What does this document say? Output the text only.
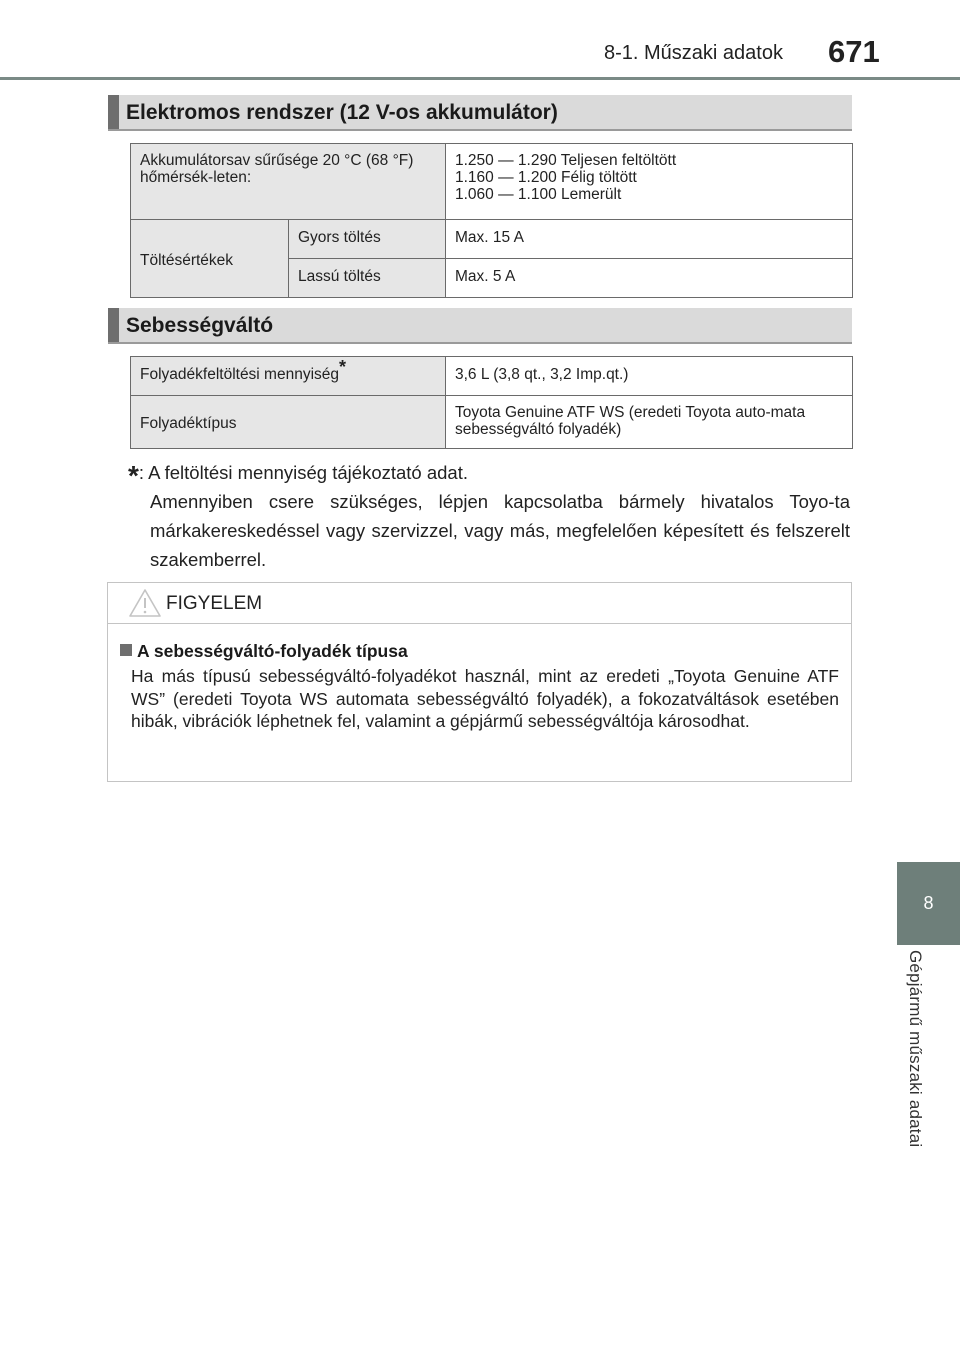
8-1. Műszaki adatok 671
8
Gépjármű műszaki adatai
Elektromos rendszer (12 V-os akkumulátor)
Akkumulátorsav sűrűsége 20 °C (68 °F) hőmérsék-leten:		1.250 — 1.290 Teljesen feltöltött
1.160 — 1.200 Félig töltött
1.060 — 1.100 Lemerült

Töltésértékek	Gyors töltés	Max. 15 A
	Lassú töltés	Max. 5 A
Sebességváltó
Folyadékfeltöltési mennyiség*	3,6 L (3,8 qt., 3,2 Imp.qt.)
Folyadéktípus	Toyota Genuine ATF WS (eredeti Toyota auto-mata sebességváltó folyadék)
*: A feltöltési mennyiség tájékoztató adat.
Amennyiben csere szükséges, lépjen kapcsolatba bármely hivatalos Toyo-ta márkakereskedéssel vagy szervizzel, vagy más, megfelelően képesített és felszerelt szakemberrel.
FIGYELEM
A sebességváltó-folyadék típusa
Ha más típusú sebességváltó-folyadékot használ, mint az eredeti „Toyota Genuine ATF WS” (eredeti Toyota WS automata sebességváltó folyadék), a fokozatváltások esetében hibák, vibrációk léphetnek fel, valamint a gépjármű sebességváltója károsodhat.
